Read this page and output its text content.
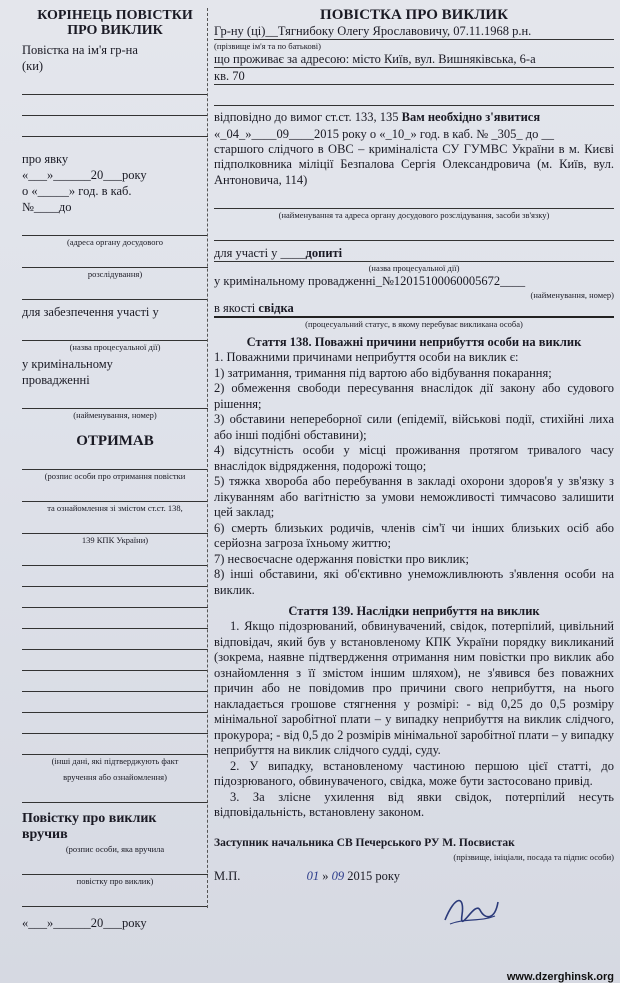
КОРІНЕЦЬ ПОВІСТКИ
ПРО ВИКЛИК
Повістка на ім'я гр-на
(ки)
про явку
«___»______20___року
о «_____» год. в каб.
№____до
(адреса органу досудового
розслідування)
для забезпечення участі у
(назва процесуальної дії)
у кримінальному
провадженні
(найменування, номер)
ОТРИМАВ
(розпис особи про отримання повістки
та ознайомлення зі змістом ст.ст. 138,
139 КПК України)
(інші дані, які підтверджують факт
вручення або ознайомлення)
Повістку про виклик
вручив
(розпис особи, яка вручила
повістку про виклик)
«___»______20___року
ПОВІСТКА ПРО ВИКЛИК
Гр-ну (ці)__Тягнибоку Олегу Ярославовичу, 07.11.1968 р.н.
(прізвище ім'я та по батькові)
що проживає за адресою: місто Київ, вул. Вишняківська, 6-а
кв. 70
відповідно до вимог ст.ст. 133, 135 Вам необхідно з'явитися
«_04_»____09____2015 року о «_10_» год. в каб. № _305_ до __
старшого слідчого в ОВС – криміналіста СУ ГУМВС України в м. Києві підполковника міліції Безпалова Сергія Олександровича (м. Київ, вул. Антоновича, 114)
(найменування та адреса органу досудового розслідування, засоби зв'язку)
для участі у ____допиті
(назва процесуальної дії)
у кримінальному провадженні_№12015100060005672____
(найменування, номер)
в якості свідка
(процесуальний статус, в якому перебуває викликана особа)
Стаття 138. Поважні причини неприбуття особи на виклик
1. Поважними причинами неприбуття особи на виклик є:
1) затримання, тримання під вартою або відбування покарання;
2) обмеження свободи пересування внаслідок дії закону або судового рішення;
3) обставини непереборної сили (епідемії, військові події, стихійні лиха або інші подібні обставини);
4) відсутність особи у місці проживання протягом тривалого часу внаслідок відрядження, подорожі тощо;
5) тяжка хвороба або перебування в закладі охорони здоров'я у зв'язку з лікуванням або вагітністю за умови неможливості тимчасово залишити цей заклад;
6) смерть близьких родичів, членів сім'ї чи інших близьких осіб або серйозна загроза їхньому життю;
7) несвоєчасне одержання повістки про виклик;
8) інші обставини, які об'єктивно унеможливлюють з'явлення особи на виклик.
Стаття 139. Наслідки неприбуття на виклик
1. Якщо підозрюваний, обвинувачений, свідок, потерпілий, цивільний відповідач, який був у встановленому КПК України порядку викликаний (зокрема, наявне підтвердження отримання ним повістки про виклик або ознайомлення з її змістом іншим шляхом), не з'явився без поважних причин або не повідомив про причини свого неприбуття, на нього накладається грошове стягнення у розмірі: - від 0,25 до 0,5 розміру мінімальної заробітної плати – у випадку неприбуття на виклик слідчого, прокурора; - від 0,5 до 2 розмірів мінімальної заробітної плати – у випадку неприбуття на виклик слідчого судді, суду.
2. У випадку, встановленому частиною першою цієї статті, до підозрюваного, обвинуваченого, свідка, може бути застосовано привід.
3. За злісне ухилення від явки свідок, потерпілий несуть відповідальність, встановлену законом.
Заступник начальника СВ Печерського РУ М. Посвистак
(прізвище, ініціали, посада та підпис особи)
М.П.	01 » 09 2015 року
www.dzerghinsk.org
